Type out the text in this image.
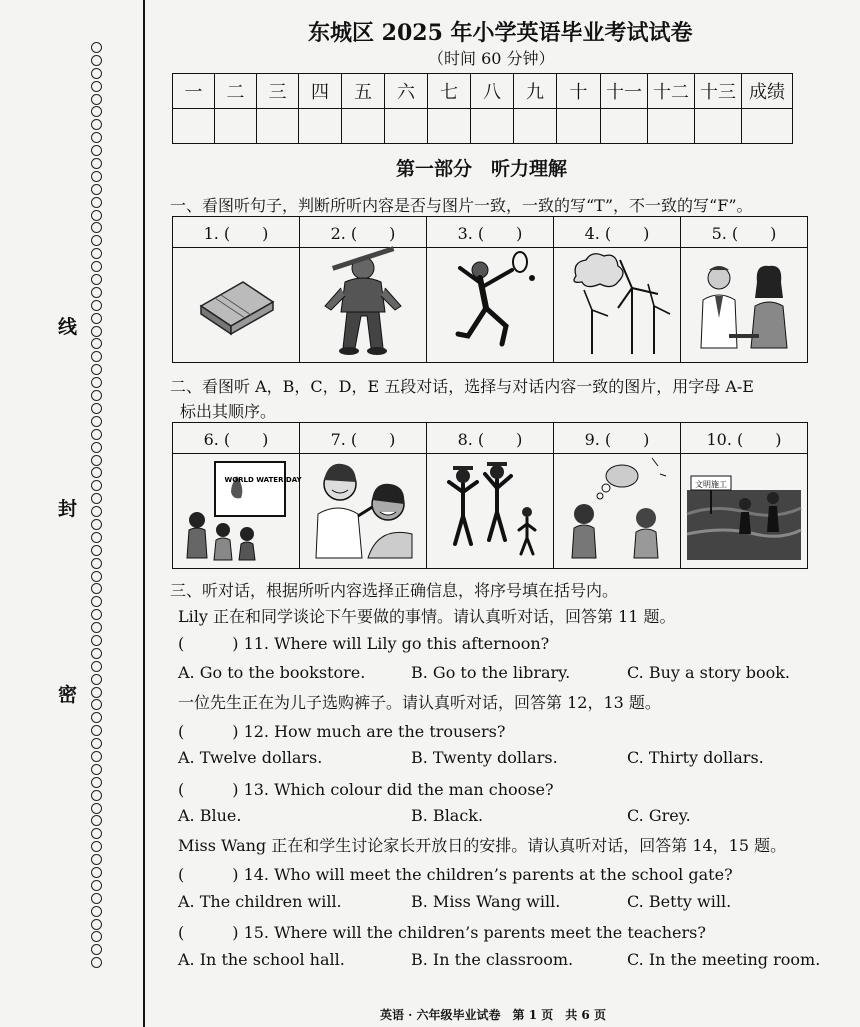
线
封
密
东城区 2025 年小学英语毕业考试试卷
（时间 60 分钟）
一	二	三	四	五	六	七	八	九	十	十一	十二	十三	成绩

第一部分　听力理解
一、看图听句子，判断所听内容是否与图片一致，一致的写“T”，不一致的写“F”。
1. (　　)	2. (　　)	3. (　　)	4. (　　)	5. (　　)

二、看图听 A，B，C，D，E 五段对话，选择与对话内容一致的图片，用字母 A-E
标出其顺序。
6. (　　)	7. (　　)	8. (　　)	9. (　　)	10. (　　)

WORLD WATER DAY				文明施工
三、听对话，根据所听内容选择正确信息，将序号填在括号内。
Lily 正在和同学谈论下午要做的事情。请认真听对话，回答第 11 题。
(　　　) 11. Where will Lily go this afternoon?
A. Go to the bookstore.	B. Go to the library.	C. Buy a story book.
一位先生正在为儿子选购裤子。请认真听对话，回答第 12，13 题。
(　　　) 12. How much are the trousers?
A. Twelve dollars.	B. Twenty dollars.	C. Thirty dollars.
(　　　) 13. Which colour did the man choose?
A. Blue.	B. Black.	C. Grey.
Miss Wang 正在和学生讨论家长开放日的安排。请认真听对话，回答第 14，15 题。
(　　　) 14. Who will meet the children’s parents at the school gate?
A. The children will.	B. Miss Wang will.	C. Betty will.
(　　　) 15. Where will the children’s parents meet the teachers?
A. In the school hall.	B. In the classroom.	C. In the meeting room.
英语 · 六年级毕业试卷　第 1 页　共 6 页
